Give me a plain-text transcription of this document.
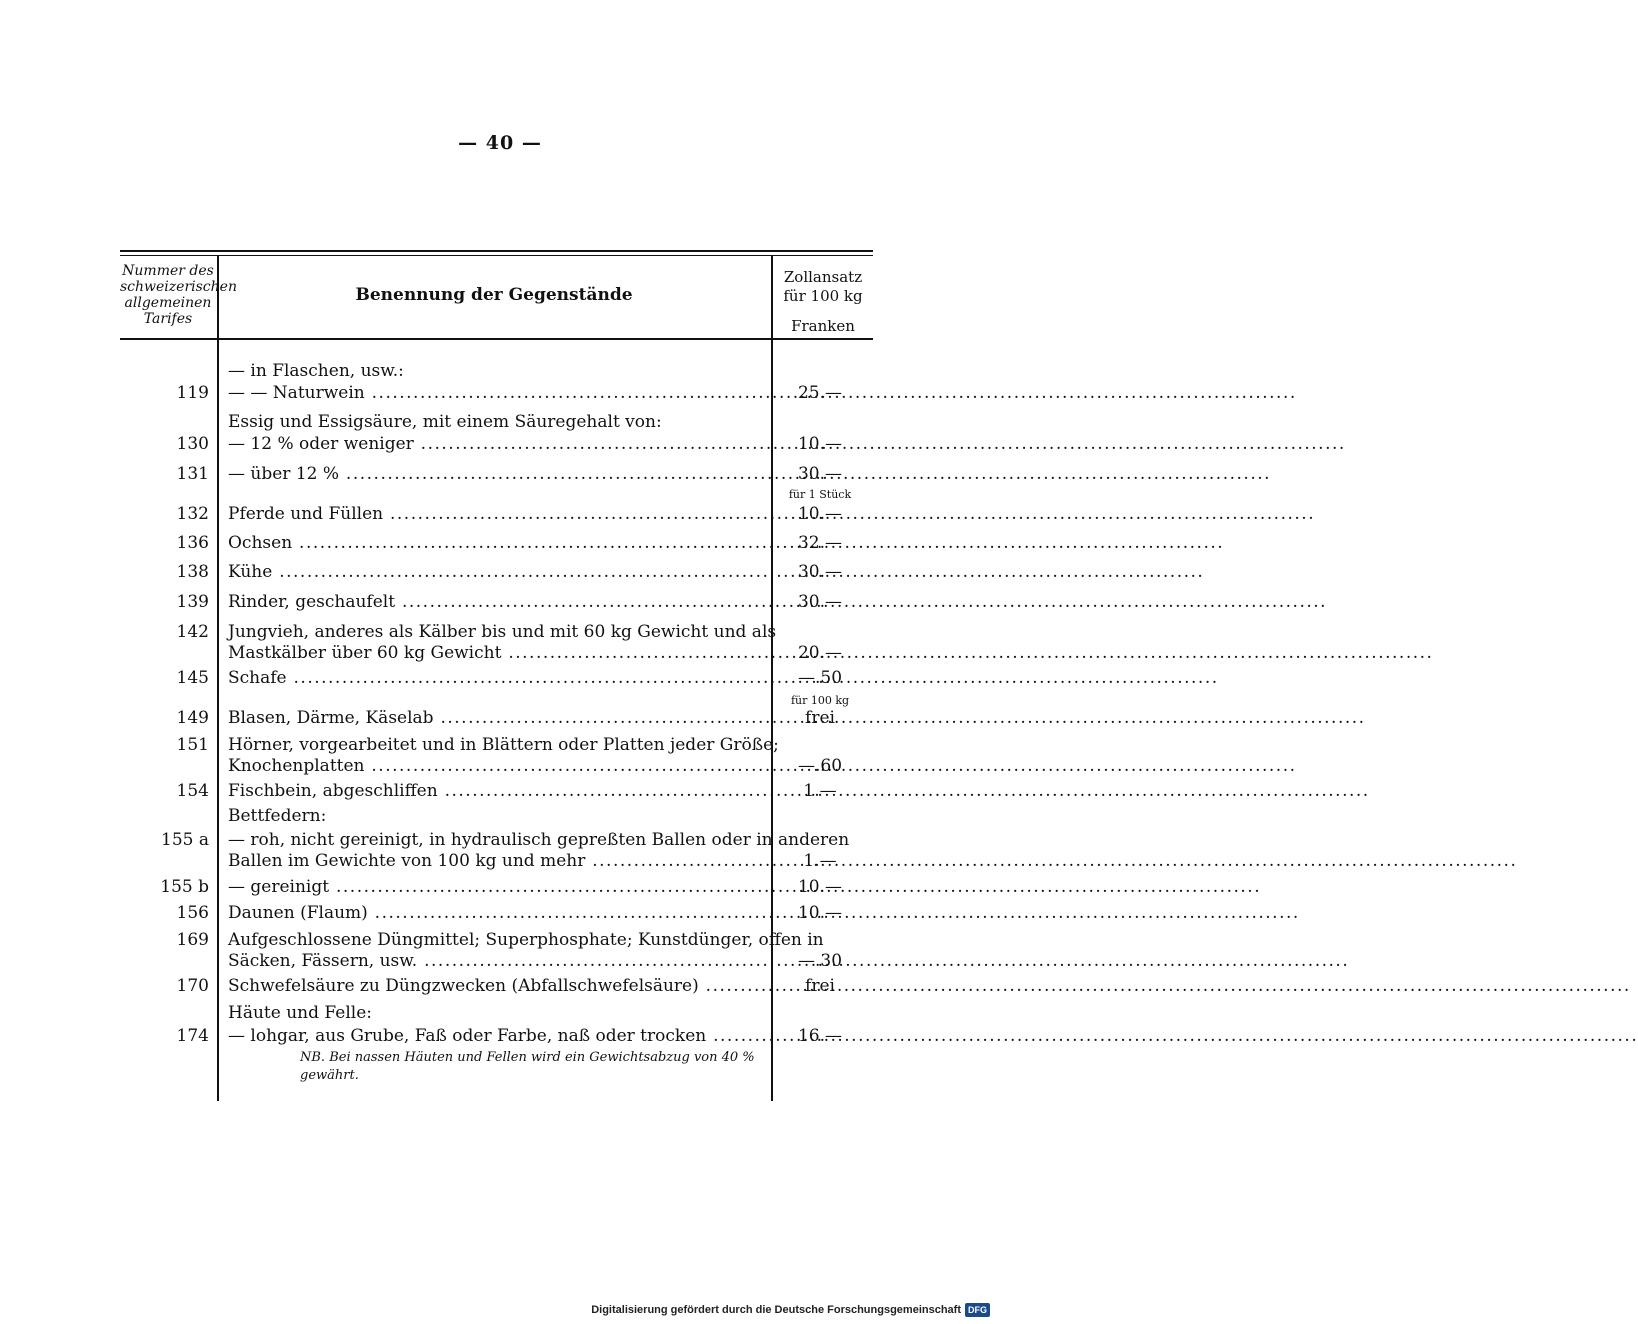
— 40 —
Nummer des schweizerischen allgemeinen Tarifes
Benennung der Gegenstände
Zollansatz für 100 kg
Franken
— in Flaschen, usw.:
119 — — Naturwein .....	25.—
Essig und Essigsäure, mit einem Säuregehalt von:
130 — 12 % oder weniger .....	10.—
131 — über 12 % .....	30.—
für 1 Stück
132 Pferde und Füllen .....	10.—
136 Ochsen .....	32.—
138 Kühe .....	30.—
139 Rinder, geschaufelt .....	30.—
142 Jungvieh, anderes als Kälber bis und mit 60 kg Gewicht und als
Mastkälber über 60 kg Gewicht .....	20.—
145 Schafe .....	—.50
für 100 kg
149 Blasen, Därme, Käselab .....	frei
151 Hörner, vorgearbeitet und in Blättern oder Platten jeder Größe;
Knochenplatten .....	—.60
154 Fischbein, abgeschliffen .....	1.—
Bettfedern:
155 a — roh, nicht gereinigt, in hydraulisch gepreßten Ballen oder in anderen
Ballen im Gewichte von 100 kg und mehr .....	1.—
155 b — gereinigt .....	10.—
156 Daunen (Flaum) .....	10.—
169 Aufgeschlossene Düngmittel; Superphosphate; Kunstdünger, offen in
Säcken, Fässern, usw. .....	—.30
170 Schwefelsäure zu Düngzwecken (Abfallschwefelsäure) .....	frei
Häute und Felle:
174 — lohgar, aus Grube, Faß oder Farbe, naß oder trocken .....	16.—
NB. Bei nassen Häuten und Fellen wird ein Gewichtsabzug von 40 % gewährt.
Digitalisierung gefördert durch die Deutsche Forschungsgemeinschaft DFG
